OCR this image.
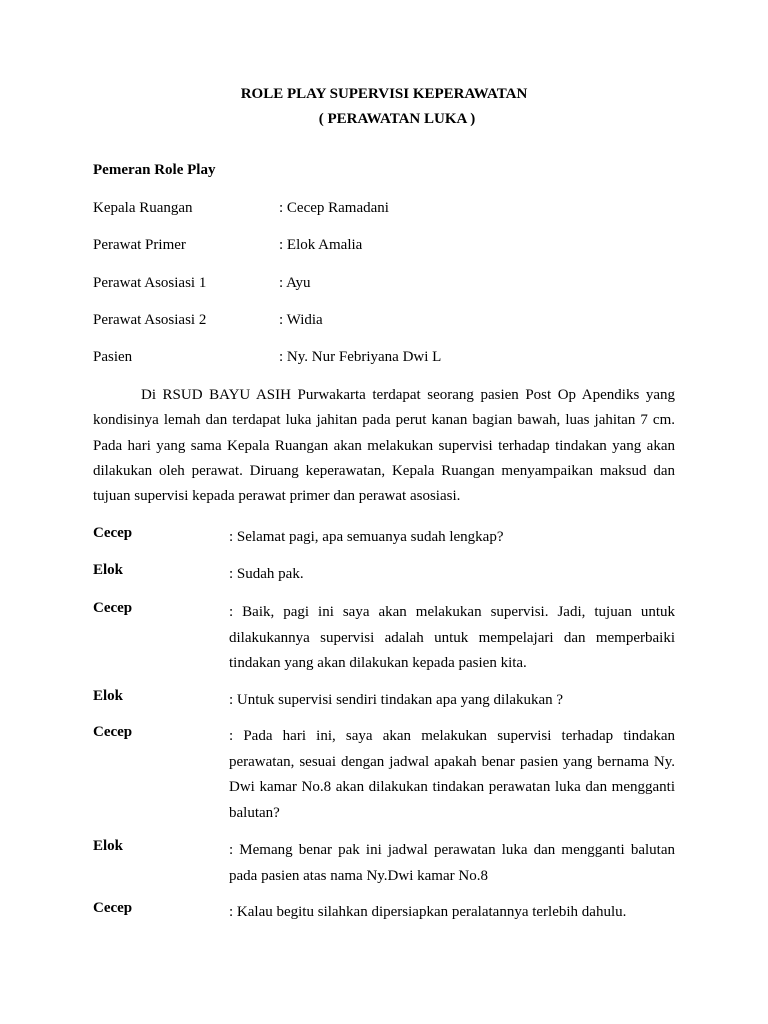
ROLE PLAY SUPERVISI KEPERAWATAN
( PERAWATAN LUKA )
Pemeran Role Play
Kepala Ruangan	: Cecep Ramadani
Perawat Primer	: Elok Amalia
Perawat Asosiasi 1	: Ayu
Perawat Asosiasi 2	: Widia
Pasien	: Ny. Nur Febriyana Dwi L

Di RSUD BAYU ASIH Purwakarta terdapat seorang pasien Post Op Apendiks yang kondisinya lemah dan terdapat luka jahitan pada perut kanan bagian bawah, luas jahitan 7 cm. Pada hari yang sama Kepala Ruangan akan melakukan supervisi terhadap tindakan yang akan dilakukan oleh perawat. Diruang keperawatan, Kepala Ruangan menyampaikan maksud dan tujuan supervisi kepada perawat primer dan perawat asosiasi.

Cecep	: Selamat pagi, apa semuanya sudah lengkap?

Elok	: Sudah pak.

Cecep	: Baik, pagi ini saya akan melakukan supervisi. Jadi, tujuan untuk dilakukannya supervisi adalah untuk mempelajari dan memperbaiki tindakan yang akan dilakukan kepada pasien kita.

Elok	: Untuk supervisi sendiri tindakan apa yang dilakukan ?

Cecep	: Pada hari ini, saya akan melakukan supervisi terhadap tindakan perawatan, sesuai dengan jadwal apakah benar pasien yang bernama Ny. Dwi kamar No.8 akan dilakukan tindakan perawatan luka dan mengganti balutan?

Elok	: Memang benar pak ini jadwal perawatan luka dan mengganti balutan pada pasien atas nama Ny.Dwi kamar No.8

Cecep	: Kalau begitu silahkan dipersiapkan peralatannya terlebih dahulu.
